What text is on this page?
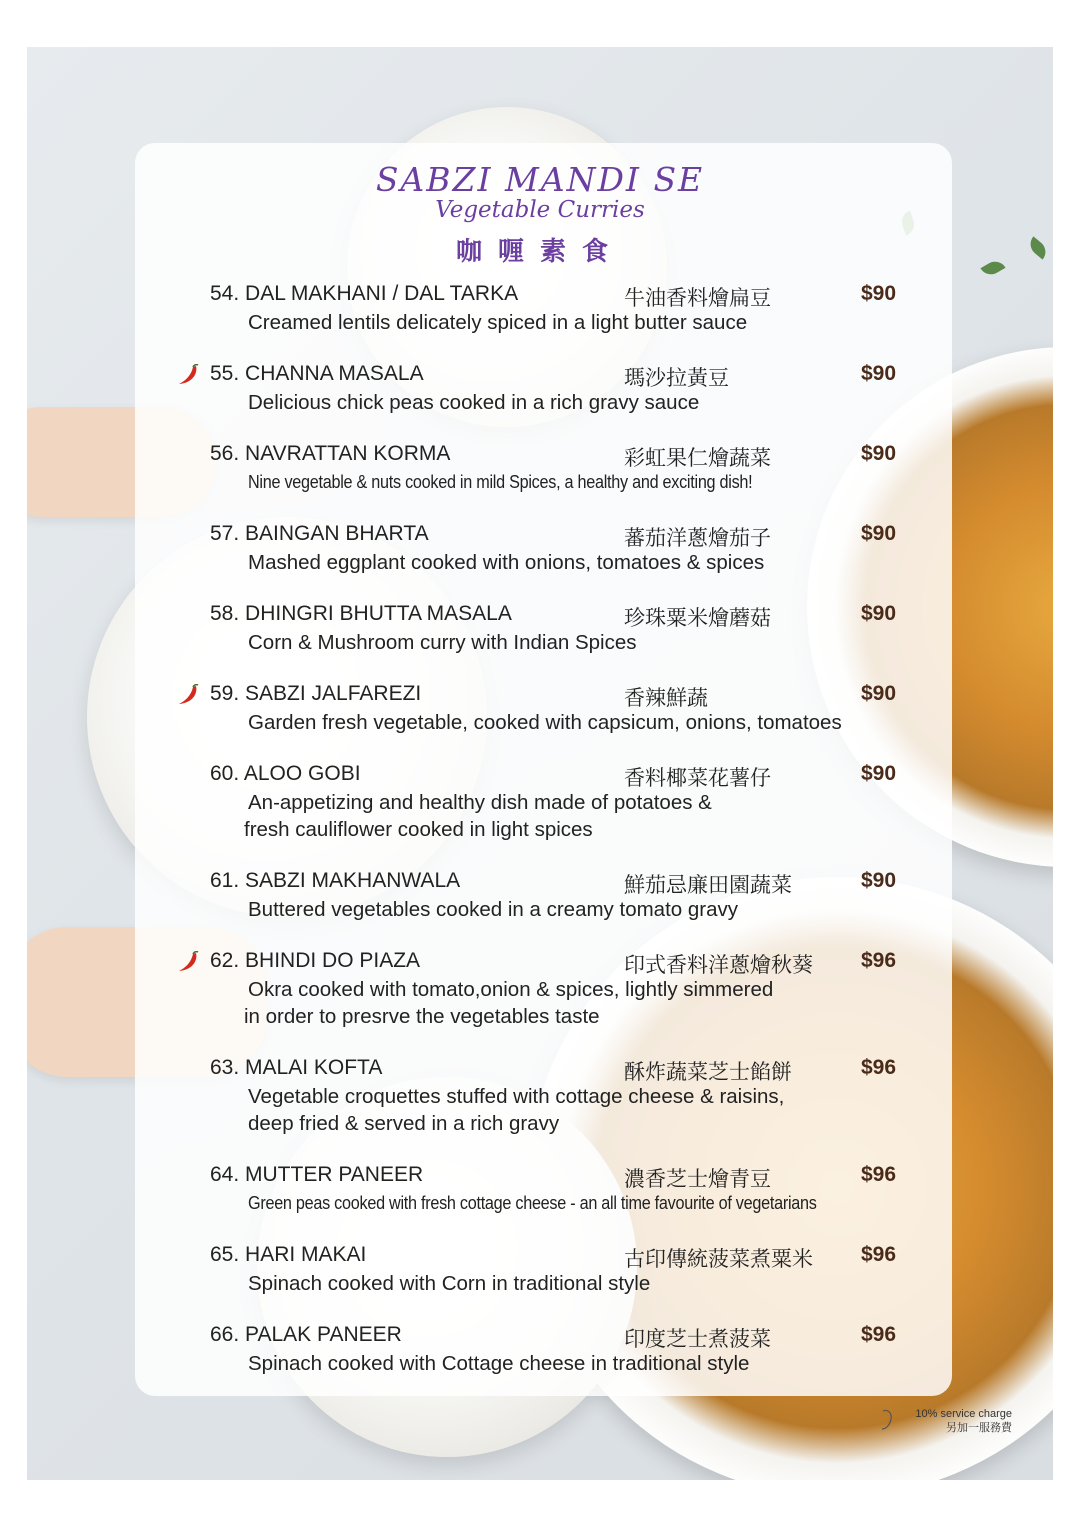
SABZI MANDI SE
Vegetable Curries
咖喱素食
54. DAL MAKHANI / DAL TARKA	牛油香料燴扁豆	$90
Creamed lentils delicately spiced in a light butter sauce
55. CHANNA MASALA	瑪沙拉黃豆	$90
Delicious chick peas cooked in a rich gravy sauce
56. NAVRATTAN KORMA	彩虹果仁燴蔬菜	$90
Nine vegetable & nuts cooked in mild Spices, a healthy and exciting dish!
57. BAINGAN BHARTA	蕃茄洋蔥燴茄子	$90
Mashed eggplant cooked with onions, tomatoes & spices
58. DHINGRI BHUTTA MASALA	珍珠粟米燴蘑菇	$90
Corn & Mushroom curry with Indian Spices
59. SABZI JALFAREZI	香辣鮮蔬	$90
Garden fresh vegetable, cooked with capsicum, onions, tomatoes
60. ALOO GOBI	香料椰菜花薯仔	$90
An-appetizing and healthy dish made of potatoes &
fresh cauliflower cooked in light spices
61. SABZI MAKHANWALA	鮮茄忌廉田園蔬菜	$90
Buttered vegetables cooked in a creamy tomato gravy
62. BHINDI DO PIAZA	印式香料洋蔥燴秋葵 $96
Okra cooked with tomato,onion & spices, lightly simmered
in order to presrve the vegetables taste
63. MALAI KOFTA	酥炸蔬菜芝士餡餅	$96
Vegetable croquettes stuffed with cottage cheese & raisins,
deep fried & served in a rich gravy
64. MUTTER PANEER	濃香芝士燴青豆	$96
Green peas cooked with fresh cottage cheese - an all time favourite of vegetarians
65. HARI MAKAI	古印傳統菠菜煮粟米 $96
Spinach cooked with Corn in traditional style
66. PALAK PANEER	印度芝士煮菠菜	$96
Spinach cooked with Cottage cheese in traditional style
10% service charge
另加一服務費
